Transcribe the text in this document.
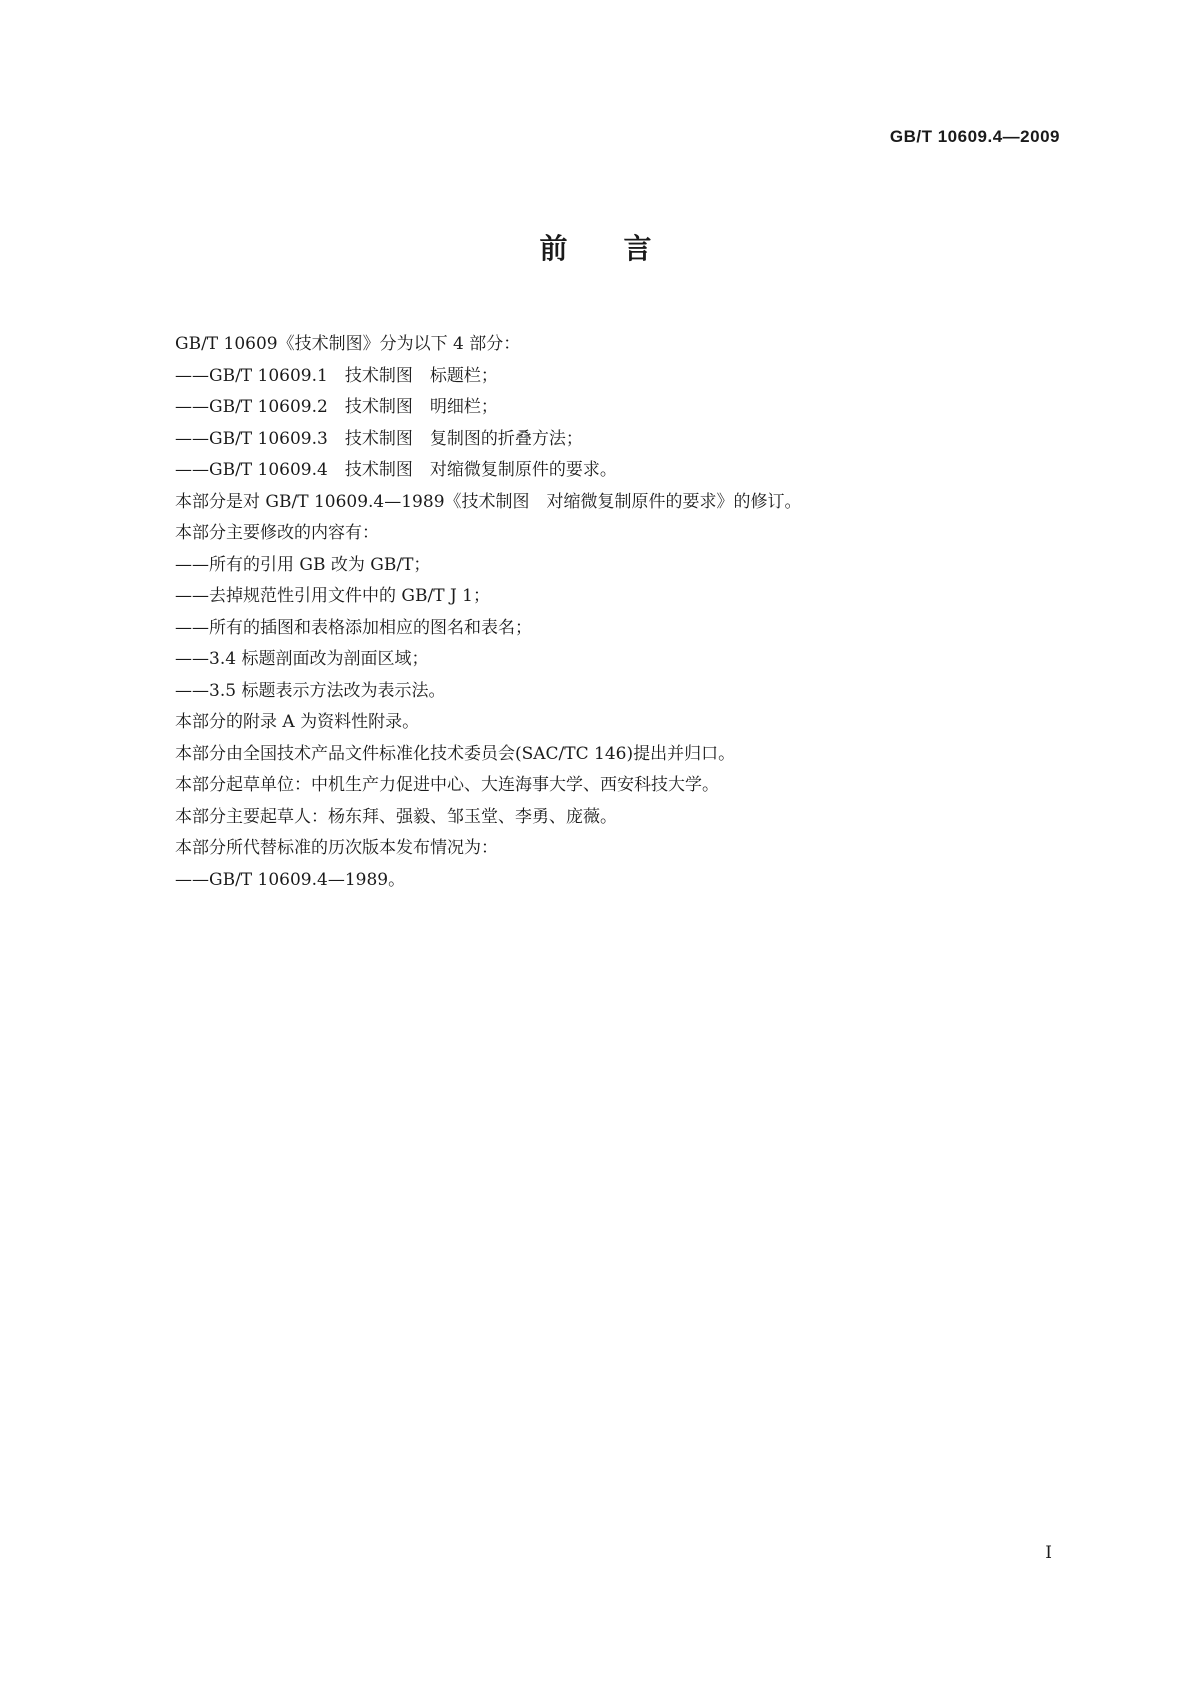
GB/T 10609.4—2009
前　　言
GB/T 10609《技术制图》分为以下 4 部分：
——GB/T 10609.1　技术制图　标题栏；
——GB/T 10609.2　技术制图　明细栏；
——GB/T 10609.3　技术制图　复制图的折叠方法；
——GB/T 10609.4　技术制图　对缩微复制原件的要求。
本部分是对 GB/T 10609.4—1989《技术制图　对缩微复制原件的要求》的修订。
本部分主要修改的内容有：
——所有的引用 GB 改为 GB/T；
——去掉规范性引用文件中的 GB/T J 1；
——所有的插图和表格添加相应的图名和表名；
——3.4 标题剖面改为剖面区域；
——3.5 标题表示方法改为表示法。
本部分的附录 A 为资料性附录。
本部分由全国技术产品文件标准化技术委员会(SAC/TC 146)提出并归口。
本部分起草单位：中机生产力促进中心、大连海事大学、西安科技大学。
本部分主要起草人：杨东拜、强毅、邹玉堂、李勇、庞薇。
本部分所代替标准的历次版本发布情况为：
——GB/T 10609.4—1989。
I
